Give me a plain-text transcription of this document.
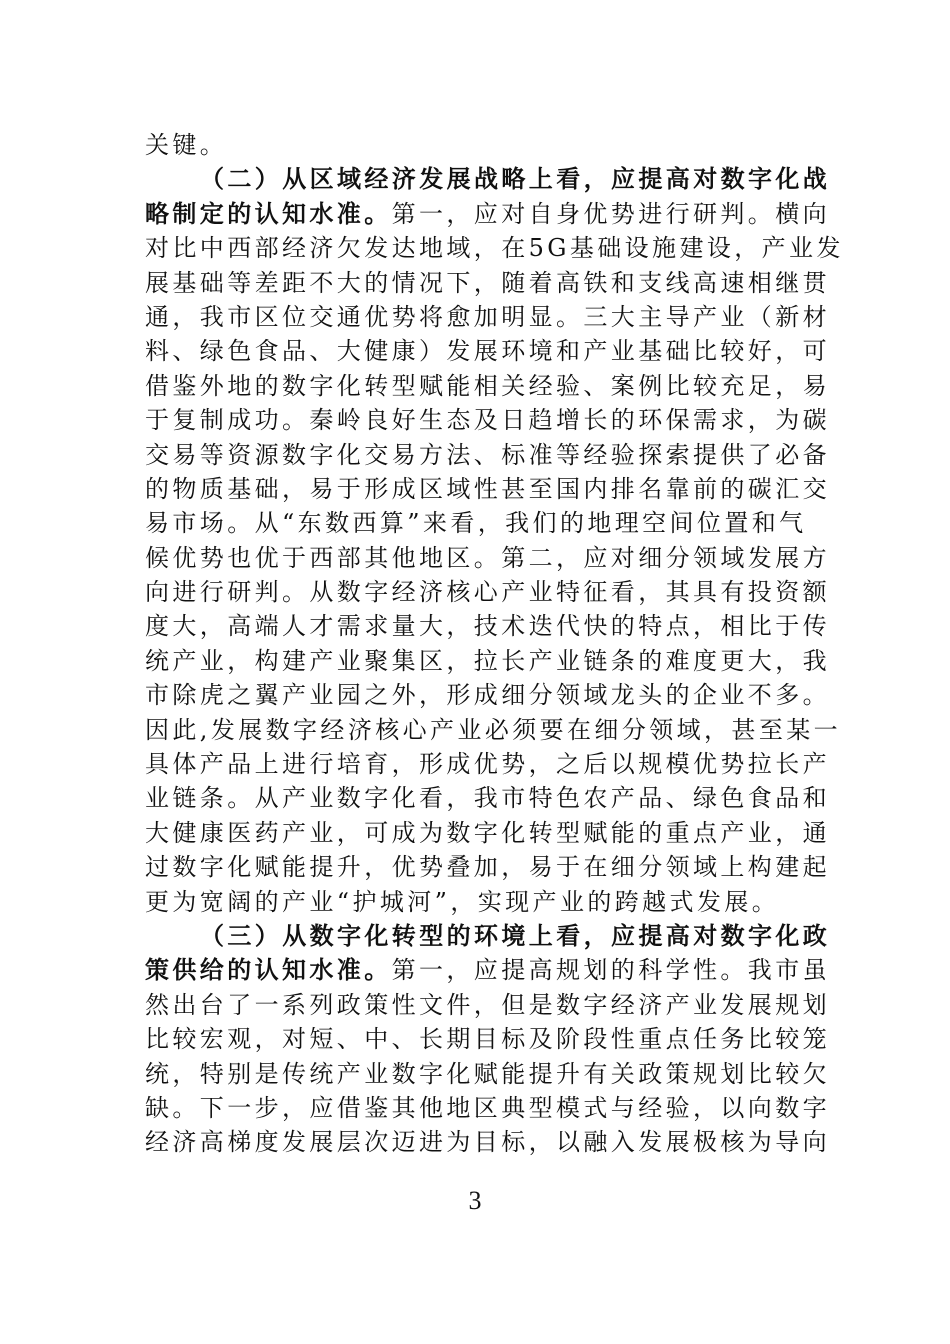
关键。
（二）从区域经济发展战略上看，应提高对数字化战
略制定的认知水准。第一，应对自身优势进行研判。横向
对比中西部经济欠发达地域，在5G基础设施建设，产业发
展基础等差距不大的情况下，随着高铁和支线高速相继贯
通，我市区位交通优势将愈加明显。三大主导产业（新材
料、绿色食品、大健康）发展环境和产业基础比较好，可
借鉴外地的数字化转型赋能相关经验、案例比较充足，易
于复制成功。秦岭良好生态及日趋增长的环保需求，为碳
交易等资源数字化交易方法、标准等经验探索提供了必备
的物质基础，易于形成区域性甚至国内排名靠前的碳汇交
易市场。从“东数西算”来看，我们的地理空间位置和气
候优势也优于西部其他地区。第二，应对细分领域发展方
向进行研判。从数字经济核心产业特征看，其具有投资额
度大，高端人才需求量大，技术迭代快的特点，相比于传
统产业，构建产业聚集区，拉长产业链条的难度更大，我
市除虎之翼产业园之外，形成细分领域龙头的企业不多。
因此,发展数字经济核心产业必须要在细分领域，甚至某一
具体产品上进行培育，形成优势，之后以规模优势拉长产
业链条。从产业数字化看，我市特色农产品、绿色食品和
大健康医药产业，可成为数字化转型赋能的重点产业，通
过数字化赋能提升，优势叠加，易于在细分领域上构建起
更为宽阔的产业“护城河”，实现产业的跨越式发展。
（三）从数字化转型的环境上看，应提高对数字化政
策供给的认知水准。第一，应提高规划的科学性。我市虽
然出台了一系列政策性文件，但是数字经济产业发展规划
比较宏观，对短、中、长期目标及阶段性重点任务比较笼
统，特别是传统产业数字化赋能提升有关政策规划比较欠
缺。下一步，应借鉴其他地区典型模式与经验，以向数字
经济高梯度发展层次迈进为目标，以融入发展极核为导向
3
